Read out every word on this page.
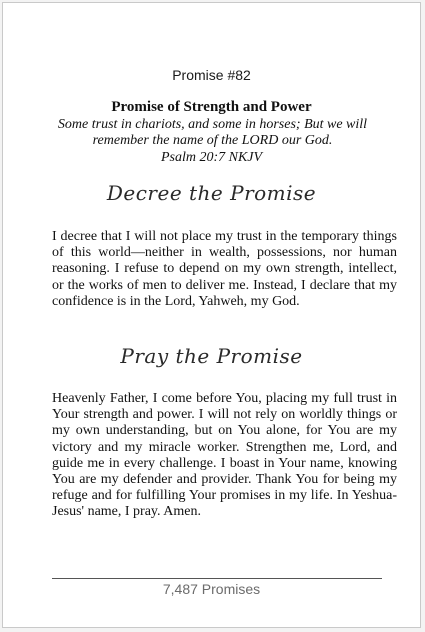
Promise #82
Promise of Strength and Power
Some trust in chariots, and some in horses; But we will remember the name of the LORD our God.
Psalm 20:7 NKJV
Decree the Promise
I decree that I will not place my trust in the temporary things of this world—neither in wealth, possessions, nor human reasoning. I refuse to depend on my own strength, intellect, or the works of men to deliver me. Instead, I declare that my confidence is in the Lord, Yahweh, my God.
Pray the Promise
Heavenly Father, I come before You, placing my full trust in Your strength and power. I will not rely on worldly things or my own understanding, but on You alone, for You are my victory and my miracle worker. Strengthen me, Lord, and guide me in every challenge. I boast in Your name, knowing You are my defender and provider. Thank You for being my refuge and for fulfilling Your promises in my life. In Yeshua-Jesus' name, I pray. Amen.
7,487 Promises
